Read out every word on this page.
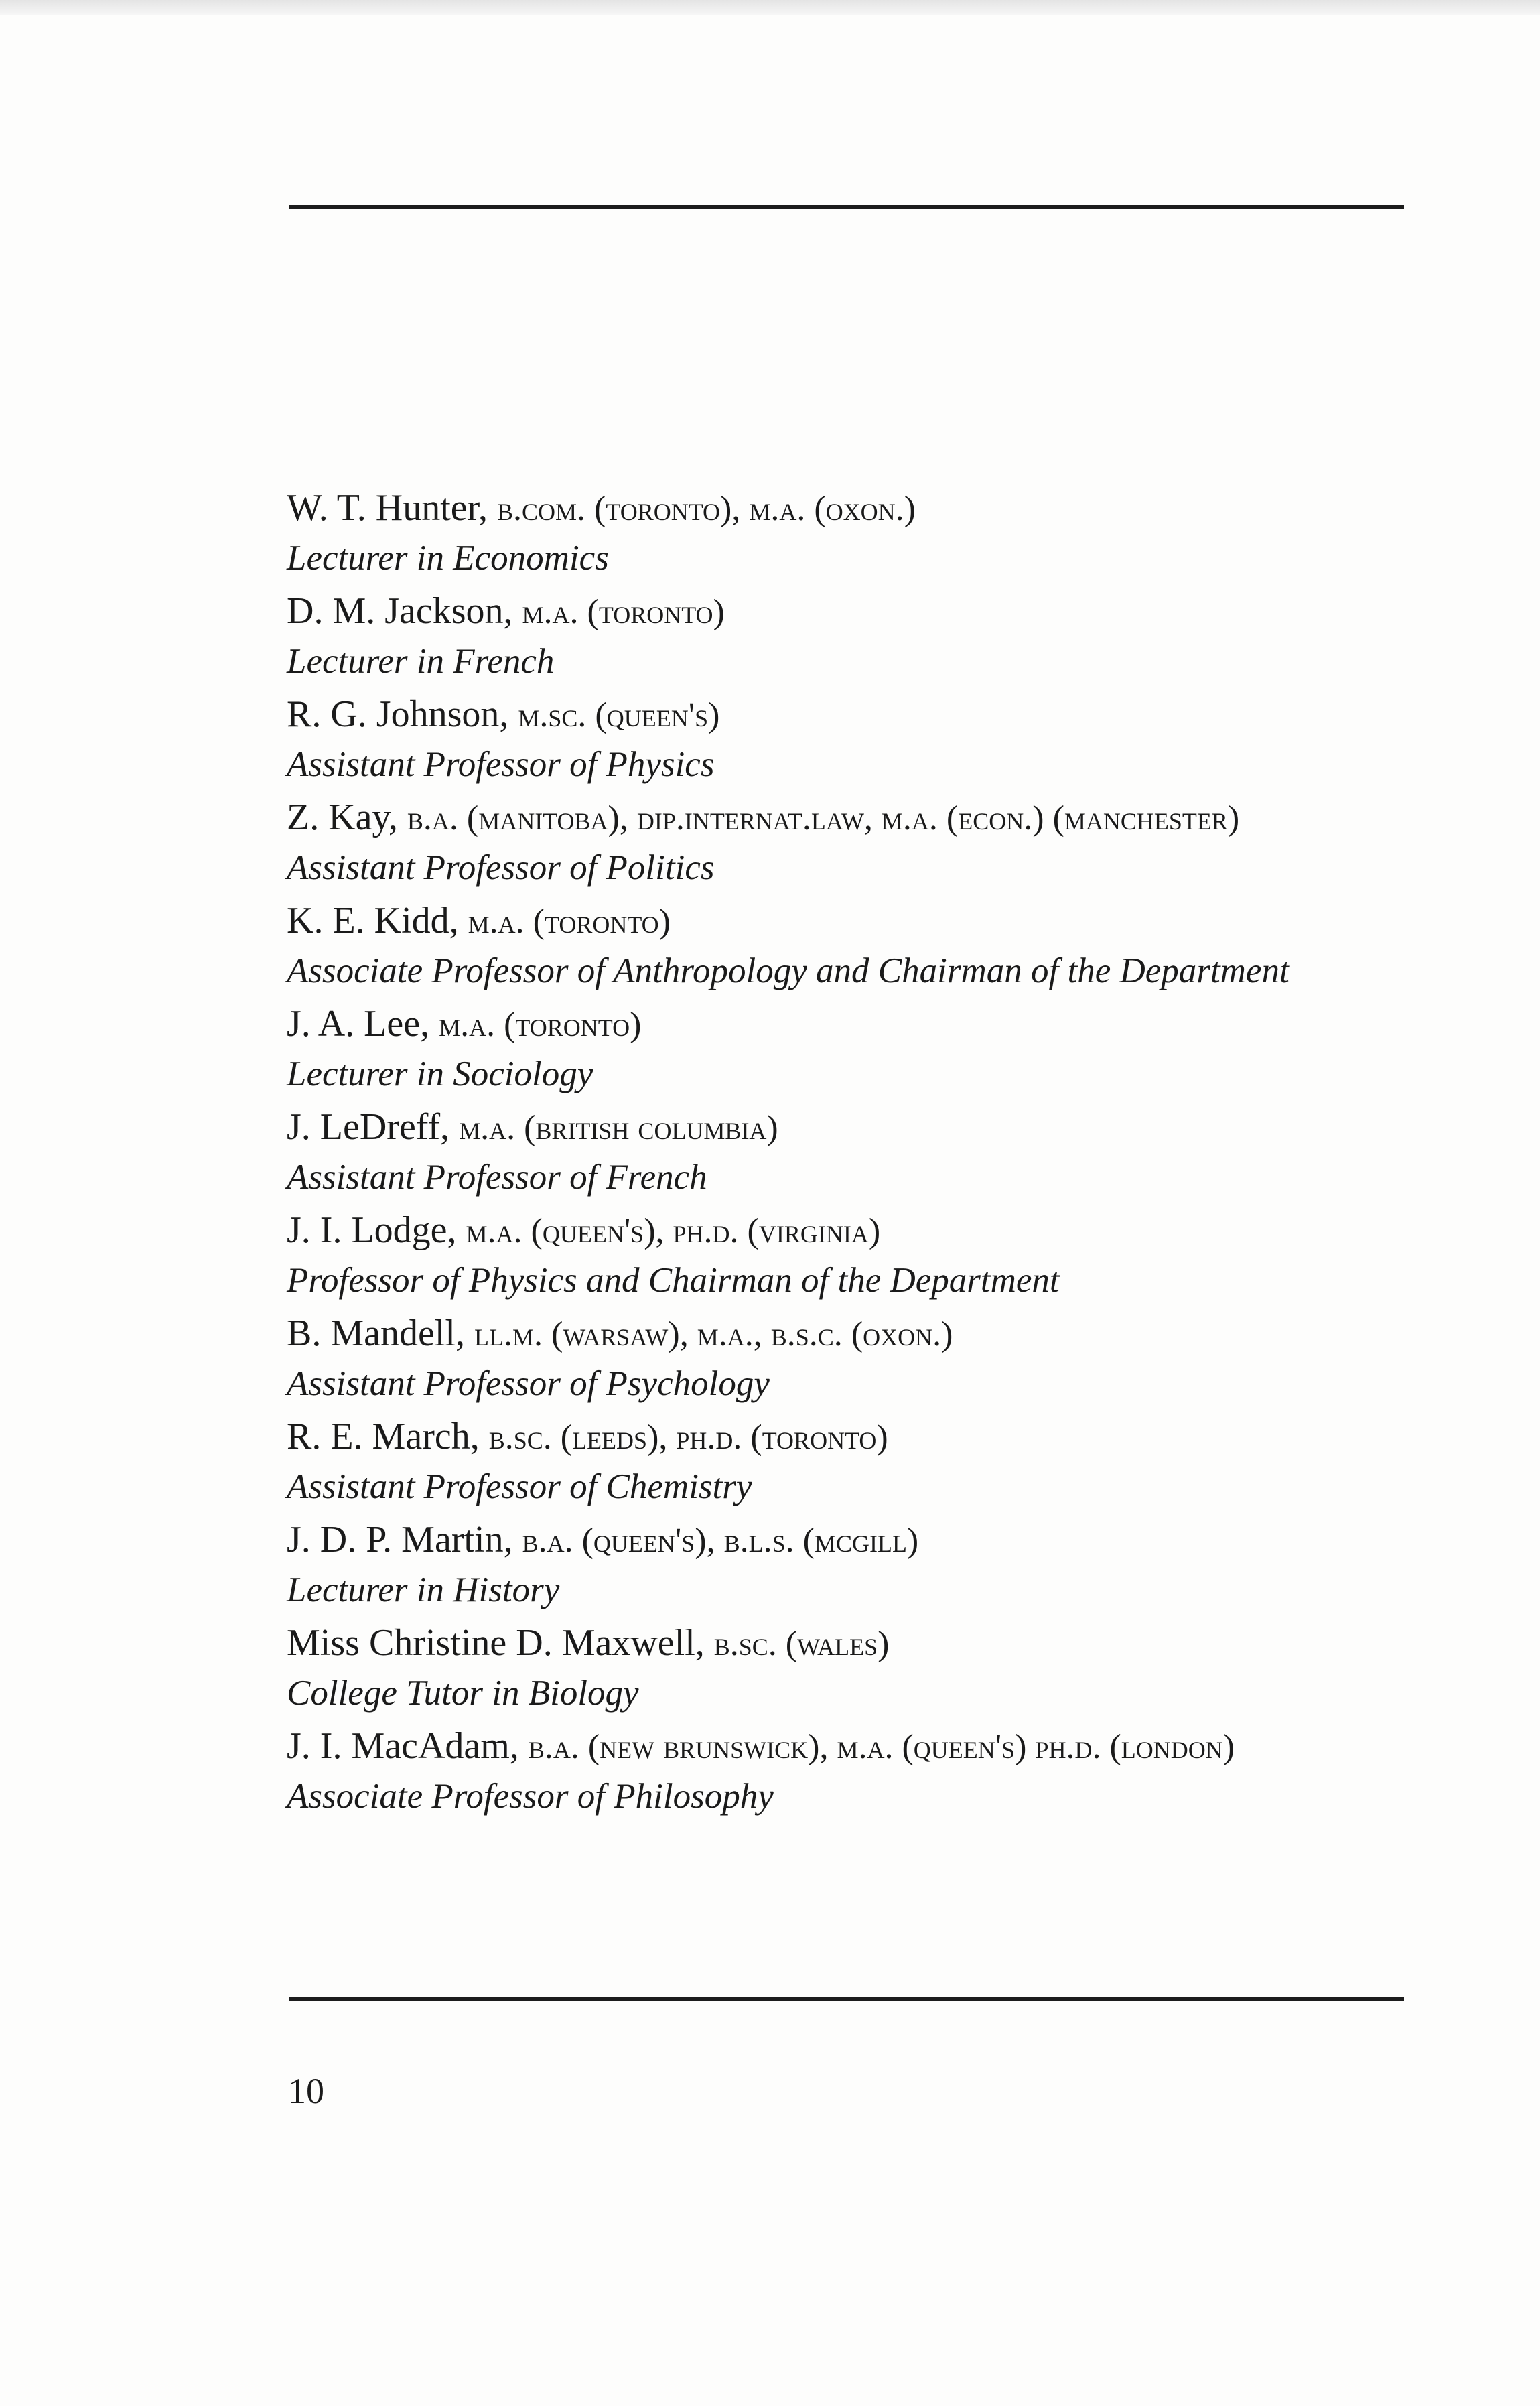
W. T. Hunter, b.com. (toronto), m.a. (oxon.)
Lecturer in Economics
D. M. Jackson, m.a. (toronto)
Lecturer in French
R. G. Johnson, m.sc. (queen's)
Assistant Professor of Physics
Z. Kay, b.a. (manitoba), dip.internat.law, m.a. (econ.) (manchester)
Assistant Professor of Politics
K. E. Kidd, m.a. (toronto)
Associate Professor of Anthropology and Chairman of the Department
J. A. Lee, m.a. (toronto)
Lecturer in Sociology
J. LeDreff, m.a. (british columbia)
Assistant Professor of French
J. I. Lodge, m.a. (queen's), ph.d. (virginia)
Professor of Physics and Chairman of the Department
B. Mandell, ll.m. (warsaw), m.a., b.s.c. (oxon.)
Assistant Professor of Psychology
R. E. March, b.sc. (leeds), ph.d. (toronto)
Assistant Professor of Chemistry
J. D. P. Martin, b.a. (queen's), b.l.s. (mcgill)
Lecturer in History
Miss Christine D. Maxwell, b.sc. (wales)
College Tutor in Biology
J. I. MacAdam, b.a. (new brunswick), m.a. (queen's) ph.d. (london)
Associate Professor of Philosophy
10
